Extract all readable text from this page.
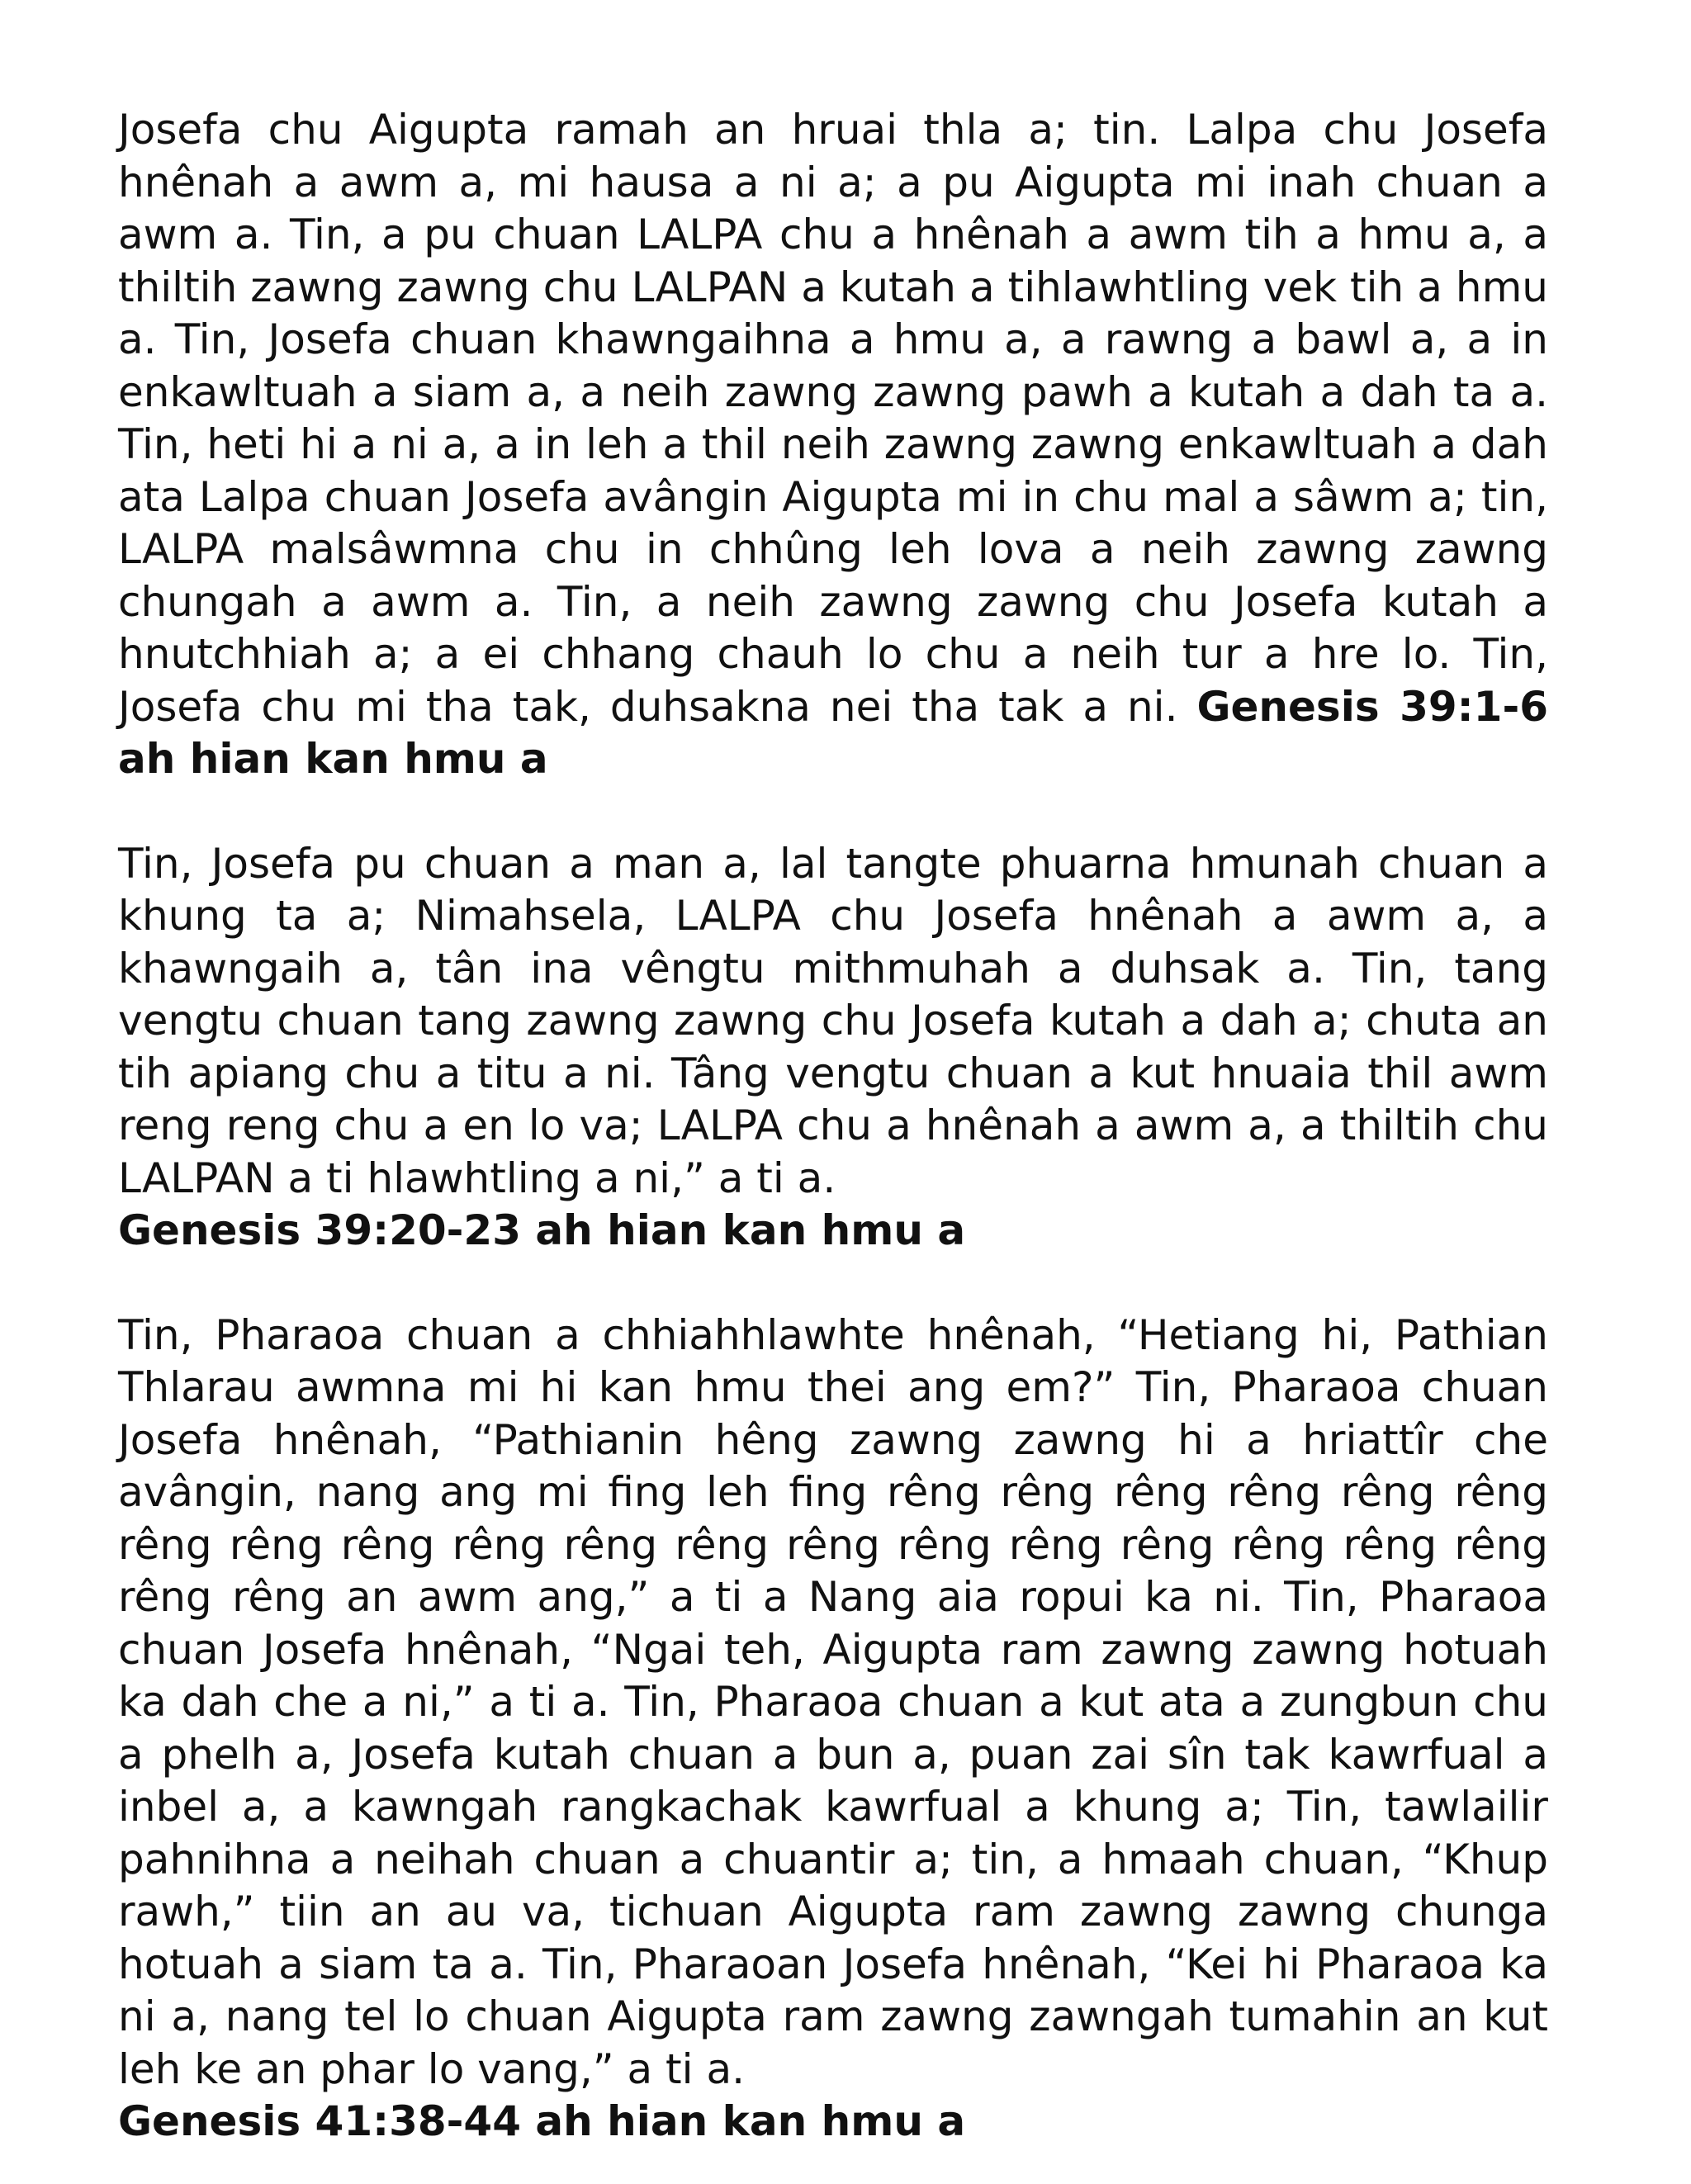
Josefa chu Aigupta ramah an hruai thla a; tin. Lalpa chu Josefa hnênah a awm a, mi hausa a ni a; a pu Aigupta mi inah chuan a awm a. Tin, a pu chuan LALPA chu a hnênah a awm tih a hmu a, a thiltih zawng zawng chu LALPAN a kutah a tihlawhtling vek tih a hmu a. Tin, Josefa chuan khawngaihna a hmu a, a rawng a bawl a, a in enkawltuah a siam a, a neih zawng zawng pawh a kutah a dah ta a. Tin, heti hi a ni a, a in leh a thil neih zawng zawng enkawltuah a dah ata Lalpa chuan Josefa avângin Aigupta mi in chu mal a sâwm a; tin, LALPA malsâwmna chu in chhûng leh lova a neih zawng zawng chungah a awm a. Tin, a neih zawng zawng chu Josefa kutah a hnutchhiah a; a ei chhang chauh lo chu a neih tur a hre lo. Tin, Josefa chu mi tha tak, duhsakna nei tha tak a ni. Genesis 39:1-6 ah hian kan hmu a

Tin, Josefa pu chuan a man a, lal tangte phuarna hmunah chuan a khung ta a; Nimahsela, LALPA chu Josefa hnênah a awm a, a khawngaih a, tân ina vêngtu mithmuhah a duhsak a. Tin, tang vengtu chuan tang zawng zawng chu Josefa kutah a dah a; chuta an tih apiang chu a titu a ni. Tâng vengtu chuan a kut hnuaia thil awm reng reng chu a en lo va; LALPA chu a hnênah a awm a, a thiltih chu LALPAN a ti hlawhtling a ni,” a ti a.
Genesis 39:20-23 ah hian kan hmu a

Tin, Pharaoa chuan a chhiahhlawhte hnênah, “Hetiang hi, Pathian Thlarau awmna mi hi kan hmu thei ang em?” Tin, Pharaoa chuan Josefa hnênah, “Pathianin hêng zawng zawng hi a hriattîr che avângin, nang ang mi fing leh fing rêng rêng rêng rêng rêng rêng rêng rêng rêng rêng rêng rêng rêng rêng rêng rêng rêng rêng rêng rêng rêng an awm ang,” a ti a Nang aia ropui ka ni. Tin, Pharaoa chuan Josefa hnênah, “Ngai teh, Aigupta ram zawng zawng hotuah ka dah che a ni,” a ti a. Tin, Pharaoa chuan a kut ata a zungbun chu a phelh a, Josefa kutah chuan a bun a, puan zai sîn tak kawrfual a inbel a, a kawngah rangkachak kawrfual a khung a; Tin, tawlailir pahnihna a neihah chuan a chuantir a; tin, a hmaah chuan, “Khup rawh,” tiin an au va, tichuan Aigupta ram zawng zawng chunga hotuah a siam ta a. Tin, Pharaoan Josefa hnênah, “Kei hi Pharaoa ka ni a, nang tel lo chuan Aigupta ram zawng zawngah tumahin an kut leh ke an phar lo vang,” a ti a.
Genesis 41:38-44 ah hian kan hmu a
